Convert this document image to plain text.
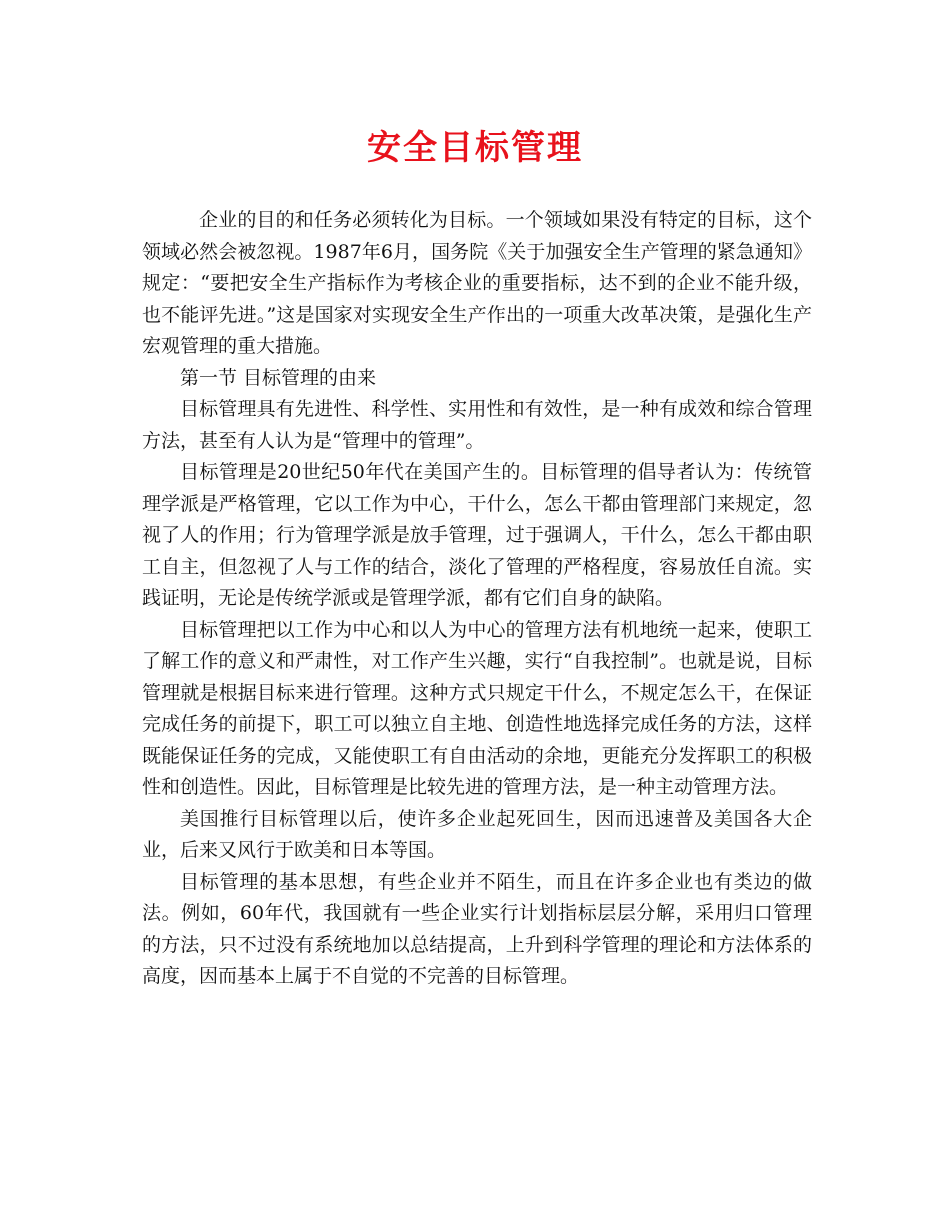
安全目标管理

企业的目的和任务必须转化为目标。一个领域如果没有特定的目标，这个领域必然会被忽视。1987年6月，国务院《关于加强安全生产管理的紧急通知》规定：“要把安全生产指标作为考核企业的重要指标，达不到的企业不能升级，也不能评先进。”这是国家对实现安全生产作出的一项重大改革决策，是强化生产宏观管理的重大措施。

第一节 目标管理的由来

目标管理具有先进性、科学性、实用性和有效性，是一种有成效和综合管理方法，甚至有人认为是“管理中的管理”。

目标管理是20世纪50年代在美国产生的。目标管理的倡导者认为：传统管理学派是严格管理，它以工作为中心，干什么，怎么干都由管理部门来规定，忽视了人的作用；行为管理学派是放手管理，过于强调人，干什么，怎么干都由职工自主，但忽视了人与工作的结合，淡化了管理的严格程度，容易放任自流。实践证明，无论是传统学派或是管理学派，都有它们自身的缺陷。

目标管理把以工作为中心和以人为中心的管理方法有机地统一起来，使职工了解工作的意义和严肃性，对工作产生兴趣，实行“自我控制”。也就是说，目标管理就是根据目标来进行管理。这种方式只规定干什么，不规定怎么干，在保证完成任务的前提下，职工可以独立自主地、创造性地选择完成任务的方法，这样既能保证任务的完成，又能使职工有自由活动的余地，更能充分发挥职工的积极性和创造性。因此，目标管理是比较先进的管理方法，是一种主动管理方法。

美国推行目标管理以后，使许多企业起死回生，因而迅速普及美国各大企业，后来又风行于欧美和日本等国。

目标管理的基本思想，有些企业并不陌生，而且在许多企业也有类边的做法。例如，60年代，我国就有一些企业实行计划指标层层分解，采用归口管理的方法，只不过没有系统地加以总结提高，上升到科学管理的理论和方法体系的高度，因而基本上属于不自觉的不完善的目标管理。
